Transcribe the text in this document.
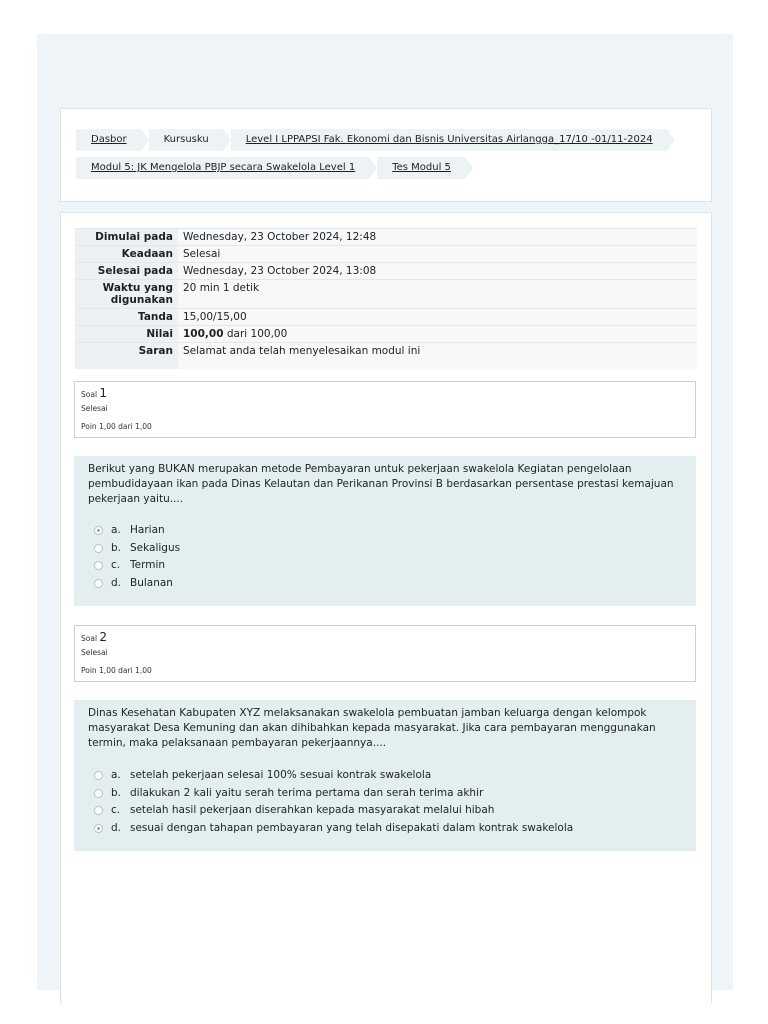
Dasbor	Kursusku	Level I LPPAPSI Fak. Ekonomi dan Bisnis Universitas Airlangga_17/10 -01/11-2024
Modul 5: JK Mengelola PBJP secara Swakelola Level 1	Tes Modul 5
Dimulai pada	Wednesday, 23 October 2024, 12:48
Keadaan	Selesai
Selesai pada	Wednesday, 23 October 2024, 13:08
Waktu yang
digunakan	20 min 1 detik
Tanda	15,00/15,00
Nilai	100,00 dari 100,00
Saran	Selamat anda telah menyelesaikan modul ini
Soal 1
Selesai
Poin 1,00 dari 1,00
Berikut yang BUKAN merupakan metode Pembayaran untuk pekerjaan swakelola Kegiatan pengelolaan pembudidayaan ikan pada Dinas Kelautan dan Perikanan Provinsi B berdasarkan persentase prestasi kemajuan pekerjaan yaitu....
a. Harian
b. Sekaligus
c. Termin
d. Bulanan
Soal 2
Selesai
Poin 1,00 dari 1,00
Dinas Kesehatan Kabupaten XYZ melaksanakan swakelola pembuatan jamban keluarga dengan kelompok masyarakat Desa Kemuning dan akan dihibahkan kepada masyarakat. Jika cara pembayaran menggunakan termin, maka pelaksanaan pembayaran pekerjaannya....
a. setelah pekerjaan selesai 100% sesuai kontrak swakelola
b. dilakukan 2 kali yaitu serah terima pertama dan serah terima akhir
c. setelah hasil pekerjaan diserahkan kepada masyarakat melalui hibah
d. sesuai dengan tahapan pembayaran yang telah disepakati dalam kontrak swakelola
